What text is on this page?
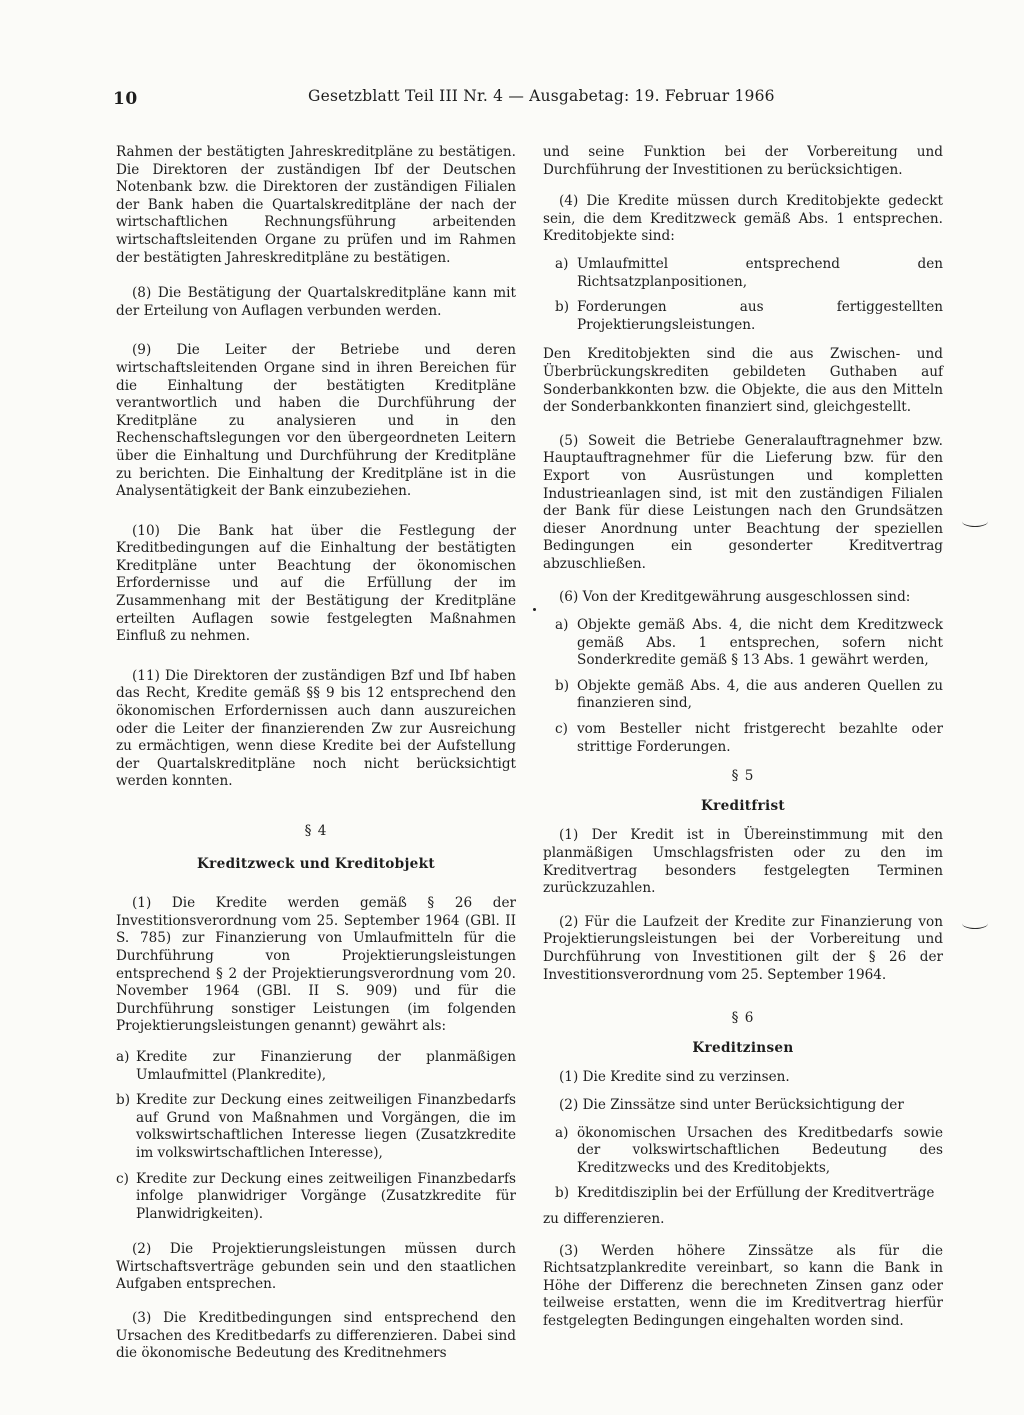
10	Gesetzblatt Teil III Nr. 4 — Ausgabetag: 19. Februar 1966

Rahmen der bestätigten Jahreskreditpläne zu bestätigen. Die Direktoren der zuständigen Ibf der Deutschen Notenbank bzw. die Direktoren der zuständigen Filialen der Bank haben die Quartalskreditpläne der nach der wirtschaftlichen Rechnungsführung arbeitenden wirtschaftsleitenden Organe zu prüfen und im Rahmen der bestätigten Jahreskreditpläne zu bestätigen.

(8) Die Bestätigung der Quartalskreditpläne kann mit der Erteilung von Auflagen verbunden werden.

(9) Die Leiter der Betriebe und deren wirtschaftsleitenden Organe sind in ihren Bereichen für die Einhaltung der bestätigten Kreditpläne verantwortlich und haben die Durchführung der Kreditpläne zu analysieren und in den Rechenschaftslegungen vor den übergeordneten Leitern über die Einhaltung und Durchführung der Kreditpläne zu berichten. Die Einhaltung der Kreditpläne ist in die Analysentätigkeit der Bank einzubeziehen.

(10) Die Bank hat über die Festlegung der Kreditbedingungen auf die Einhaltung der bestätigten Kreditpläne unter Beachtung der ökonomischen Erfordernisse und auf die Erfüllung der im Zusammenhang mit der Bestätigung der Kreditpläne erteilten Auflagen sowie festgelegten Maßnahmen Einfluß zu nehmen.

(11) Die Direktoren der zuständigen Bzf und Ibf haben das Recht, Kredite gemäß §§ 9 bis 12 entsprechend den ökonomischen Erfordernissen auch dann auszureichen oder die Leiter der finanzierenden Zw zur Ausreichung zu ermächtigen, wenn diese Kredite bei der Aufstellung der Quartalskreditpläne noch nicht berücksichtigt werden konnten.

§ 4
Kreditzweck und Kreditobjekt

(1) Die Kredite werden gemäß § 26 der Investitionsverordnung vom 25. September 1964 (GBl. II S. 785) zur Finanzierung von Umlaufmitteln für die Durchführung von Projektierungsleistungen entsprechend § 2 der Projektierungsverordnung vom 20. November 1964 (GBl. II S. 909) und für die Durchführung sonstiger Leistungen (im folgenden Projektierungsleistungen genannt) gewährt als:

a) Kredite zur Finanzierung der planmäßigen Umlaufmittel (Plankredite),
b) Kredite zur Deckung eines zeitweiligen Finanzbedarfs auf Grund von Maßnahmen und Vorgängen, die im volkswirtschaftlichen Interesse liegen (Zusatzkredite im volkswirtschaftlichen Interesse),
c) Kredite zur Deckung eines zeitweiligen Finanzbedarfs infolge planwidriger Vorgänge (Zusatzkredite für Planwidrigkeiten).

(2) Die Projektierungsleistungen müssen durch Wirtschaftsverträge gebunden sein und den staatlichen Aufgaben entsprechen.

(3) Die Kreditbedingungen sind entsprechend den Ursachen des Kreditbedarfs zu differenzieren. Dabei sind die ökonomische Bedeutung des Kreditnehmers

und seine Funktion bei der Vorbereitung und Durchführung der Investitionen zu berücksichtigen.

(4) Die Kredite müssen durch Kreditobjekte gedeckt sein, die dem Kreditzweck gemäß Abs. 1 entsprechen. Kreditobjekte sind:

a) Umlaufmittel entsprechend den Richtsatzplanpositionen,
b) Forderungen aus fertiggestellten Projektierungsleistungen.

Den Kreditobjekten sind die aus Zwischen- und Überbrückungskrediten gebildeten Guthaben auf Sonderbankkonten bzw. die Objekte, die aus den Mitteln der Sonderbankkonten finanziert sind, gleichgestellt.

(5) Soweit die Betriebe Generalauftragnehmer bzw. Hauptauftragnehmer für die Lieferung bzw. für den Export von Ausrüstungen und kompletten Industrieanlagen sind, ist mit den zuständigen Filialen der Bank für diese Leistungen nach den Grundsätzen dieser Anordnung unter Beachtung der speziellen Bedingungen ein gesonderter Kreditvertrag abzuschließen.

(6) Von der Kreditgewährung ausgeschlossen sind:

a) Objekte gemäß Abs. 4, die nicht dem Kreditzweck gemäß Abs. 1 entsprechen, sofern nicht Sonderkredite gemäß § 13 Abs. 1 gewährt werden,
b) Objekte gemäß Abs. 4, die aus anderen Quellen zu finanzieren sind,
c) vom Besteller nicht fristgerecht bezahlte oder strittige Forderungen.
§ 5
Kreditfrist

(1) Der Kredit ist in Übereinstimmung mit den planmäßigen Umschlagsfristen oder zu den im Kreditvertrag besonders festgelegten Terminen zurückzuzahlen.

(2) Für die Laufzeit der Kredite zur Finanzierung von Projektierungsleistungen bei der Vorbereitung und Durchführung von Investitionen gilt der § 26 der Investitionsverordnung vom 25. September 1964.

§ 6
Kreditzinsen

(1) Die Kredite sind zu verzinsen.

(2) Die Zinssätze sind unter Berücksichtigung der

a) ökonomischen Ursachen des Kreditbedarfs sowie der volkswirtschaftlichen Bedeutung des Kreditzwecks und des Kreditobjekts,
b) Kreditdisziplin bei der Erfüllung der Kreditverträge

zu differenzieren.

(3) Werden höhere Zinssätze als für die Richtsatzplankredite vereinbart, so kann die Bank in Höhe der Differenz die berechneten Zinsen ganz oder teilweise erstatten, wenn die im Kreditvertrag hierfür festgelegten Bedingungen eingehalten worden sind.
